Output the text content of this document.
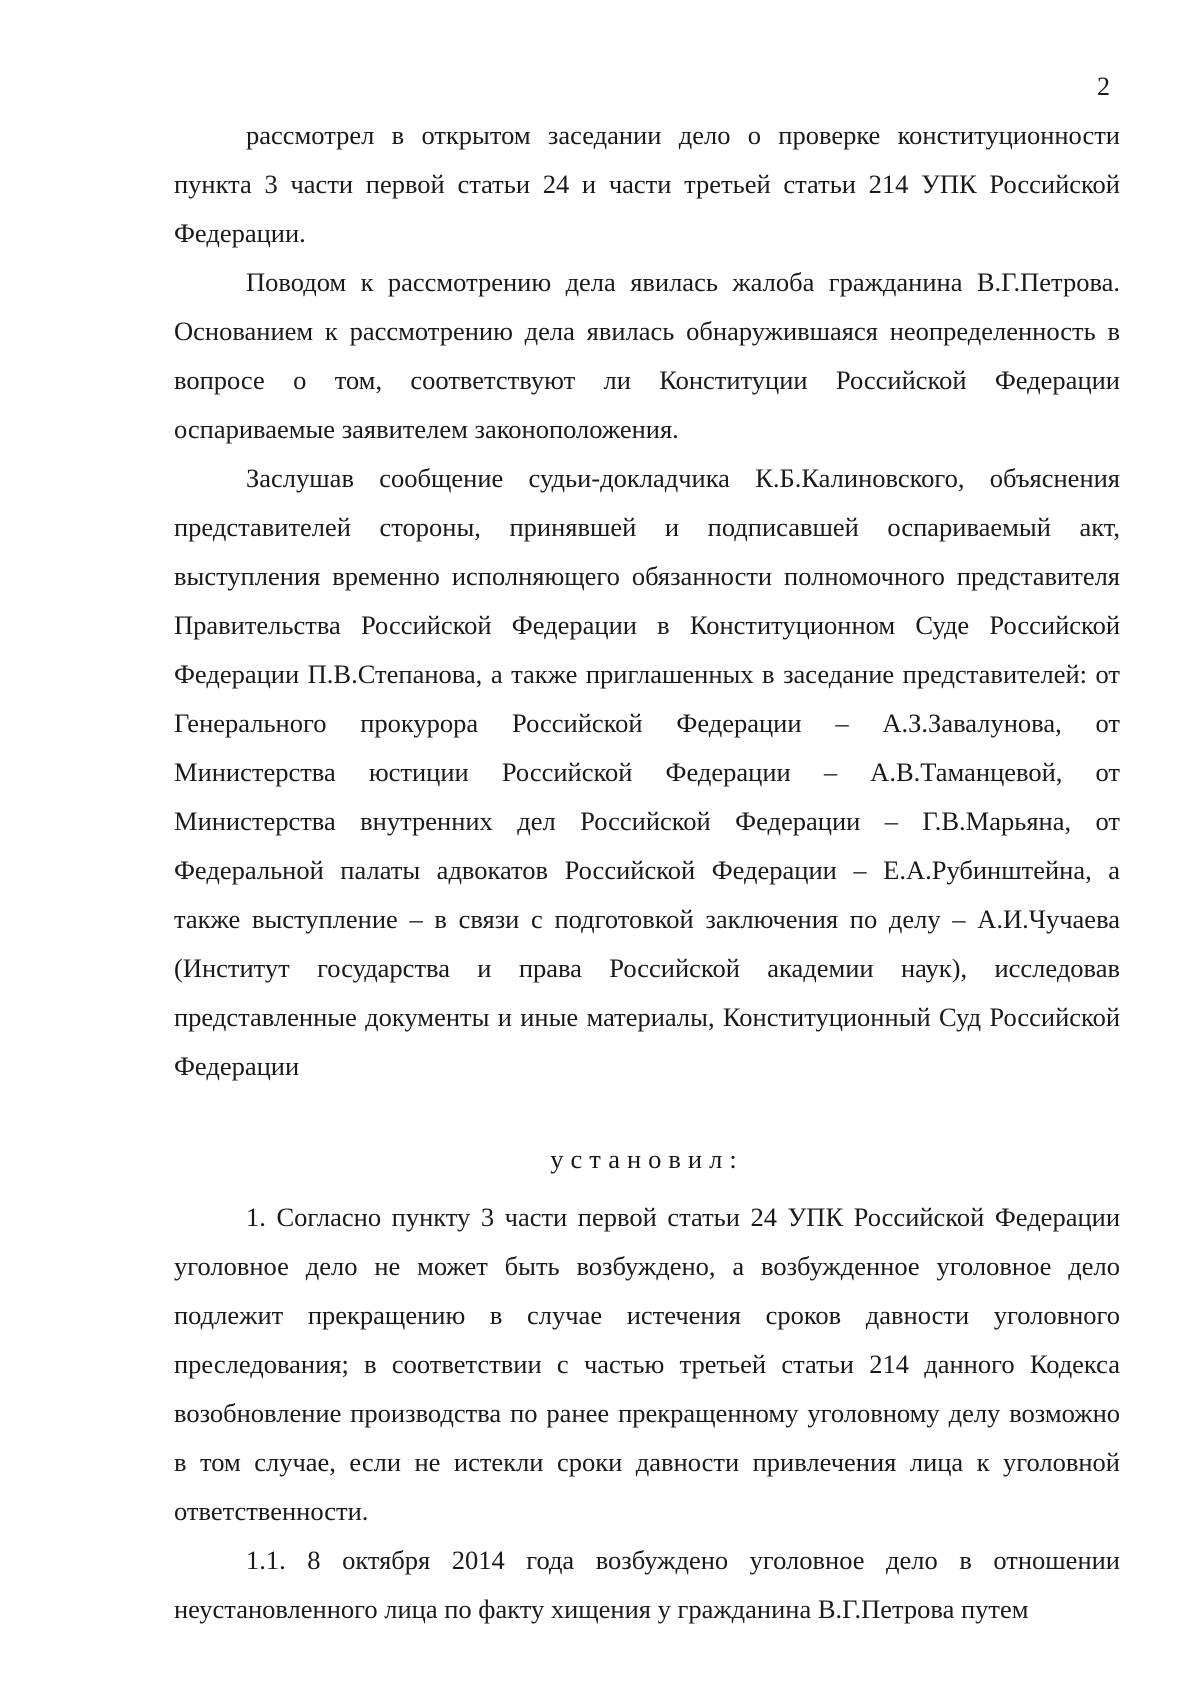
2

рассмотрел в открытом заседании дело о проверке конституционности пункта 3 части первой статьи 24 и части третьей статьи 214 УПК Российской Федерации.

Поводом к рассмотрению дела явилась жалоба гражданина В.Г.Петрова. Основанием к рассмотрению дела явилась обнаружившаяся неопределенность в вопросе о том, соответствуют ли Конституции Российской Федерации оспариваемые заявителем законоположения.

Заслушав сообщение судьи-докладчика К.Б.Калиновского, объяснения представителей стороны, принявшей и подписавшей оспариваемый акт, выступления временно исполняющего обязанности полномочного представителя Правительства Российской Федерации в Конституционном Суде Российской Федерации П.В.Степанова, а также приглашенных в заседание представителей: от Генерального прокурора Российской Федерации – А.З.Завалунова, от Министерства юстиции Российской Федерации – А.В.Таманцевой, от Министерства внутренних дел Российской Федерации – Г.В.Марьяна, от Федеральной палаты адвокатов Российской Федерации – Е.А.Рубинштейна, а также выступление – в связи с подготовкой заключения по делу – А.И.Чучаева (Институт государства и права Российской академии наук), исследовав представленные документы и иные материалы, Конституционный Суд Российской Федерации

установил:

1. Согласно пункту 3 части первой статьи 24 УПК Российской Федерации уголовное дело не может быть возбуждено, а возбужденное уголовное дело подлежит прекращению в случае истечения сроков давности уголовного преследования; в соответствии с частью третьей статьи 214 данного Кодекса возобновление производства по ранее прекращенному уголовному делу возможно в том случае, если не истекли сроки давности привлечения лица к уголовной ответственности.

1.1. 8 октября 2014 года возбуждено уголовное дело в отношении неустановленного лица по факту хищения у гражданина В.Г.Петрова путем
